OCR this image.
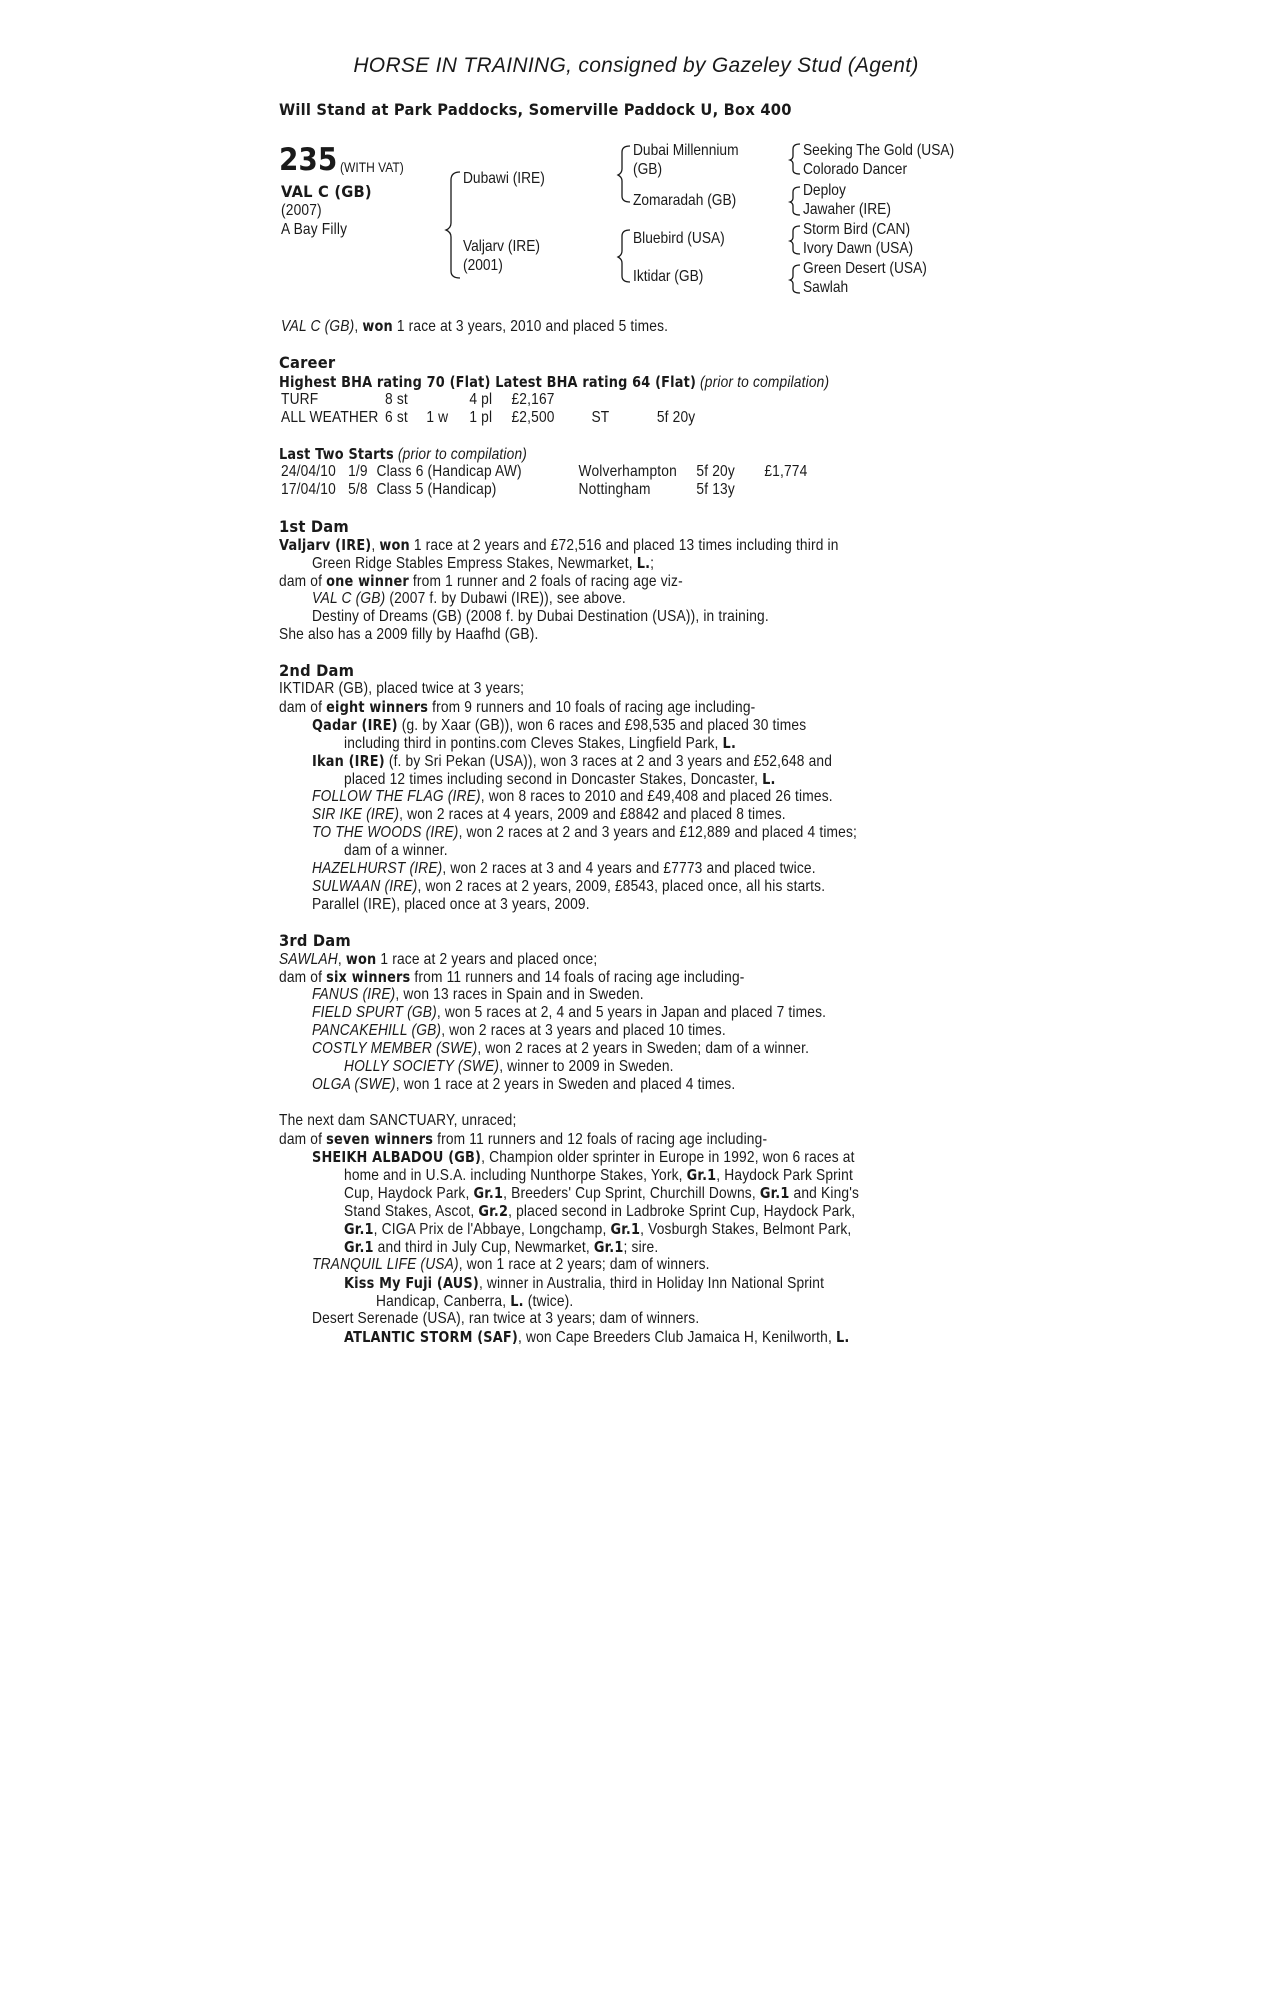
HORSE IN TRAINING, consigned by Gazeley Stud (Agent)
Will Stand at Park Paddocks, Somerville Paddock U, Box 400
235 (WITH VAT)
VAL C (GB)
(2007)
A Bay Filly
Dubawi (IRE)
Valjarv (IRE)
(2001)
Dubai Millennium
(GB)
Zomaradah (GB)
Bluebird (USA)
Iktidar (GB)
Seeking The Gold (USA)
Colorado Dancer
Deploy
Jawaher (IRE)
Storm Bird (CAN)
Ivory Dawn (USA)
Green Desert (USA)
Sawlah
VAL C (GB), won 1 race at 3 years, 2010 and placed 5 times.
Career
Highest BHA rating 70 (Flat) Latest BHA rating 64 (Flat) (prior to compilation)
TURF	8 st	4 pl £2,167
ALL WEATHER 6 st 1 w 1 pl £2,500 ST	5f 20y
Last Two Starts (prior to compilation)
24/04/10 1/9 Class 6 (Handicap AW)	Wolverhampton 5f 20y £1,774
17/04/10 5/8 Class 5 (Handicap)	Nottingham	5f 13y
1st Dam
Valjarv (IRE), won 1 race at 2 years and £72,516 and placed 13 times including third in
Green Ridge Stables Empress Stakes, Newmarket, L.;
dam of one winner from 1 runner and 2 foals of racing age viz-
VAL C (GB) (2007 f. by Dubawi (IRE)), see above.
Destiny of Dreams (GB) (2008 f. by Dubai Destination (USA)), in training.
She also has a 2009 filly by Haafhd (GB).
2nd Dam
IKTIDAR (GB), placed twice at 3 years;
dam of eight winners from 9 runners and 10 foals of racing age including-
Qadar (IRE) (g. by Xaar (GB)), won 6 races and £98,535 and placed 30 times
including third in pontins.com Cleves Stakes, Lingfield Park, L.
Ikan (IRE) (f. by Sri Pekan (USA)), won 3 races at 2 and 3 years and £52,648 and
placed 12 times including second in Doncaster Stakes, Doncaster, L.
FOLLOW THE FLAG (IRE), won 8 races to 2010 and £49,408 and placed 26 times.
SIR IKE (IRE), won 2 races at 4 years, 2009 and £8842 and placed 8 times.
TO THE WOODS (IRE), won 2 races at 2 and 3 years and £12,889 and placed 4 times;
dam of a winner.
HAZELHURST (IRE), won 2 races at 3 and 4 years and £7773 and placed twice.
SULWAAN (IRE), won 2 races at 2 years, 2009, £8543, placed once, all his starts.
Parallel (IRE), placed once at 3 years, 2009.
3rd Dam
SAWLAH, won 1 race at 2 years and placed once;
dam of six winners from 11 runners and 14 foals of racing age including-
FANUS (IRE), won 13 races in Spain and in Sweden.
FIELD SPURT (GB), won 5 races at 2, 4 and 5 years in Japan and placed 7 times.
PANCAKEHILL (GB), won 2 races at 3 years and placed 10 times.
COSTLY MEMBER (SWE), won 2 races at 2 years in Sweden; dam of a winner.
HOLLY SOCIETY (SWE), winner to 2009 in Sweden.
OLGA (SWE), won 1 race at 2 years in Sweden and placed 4 times.
The next dam SANCTUARY, unraced;
dam of seven winners from 11 runners and 12 foals of racing age including-
SHEIKH ALBADOU (GB), Champion older sprinter in Europe in 1992, won 6 races at
home and in U.S.A. including Nunthorpe Stakes, York, Gr.1, Haydock Park Sprint
Cup, Haydock Park, Gr.1, Breeders' Cup Sprint, Churchill Downs, Gr.1 and King's
Stand Stakes, Ascot, Gr.2, placed second in Ladbroke Sprint Cup, Haydock Park,
Gr.1, CIGA Prix de l'Abbaye, Longchamp, Gr.1, Vosburgh Stakes, Belmont Park,
Gr.1 and third in July Cup, Newmarket, Gr.1; sire.
TRANQUIL LIFE (USA), won 1 race at 2 years; dam of winners.
Kiss My Fuji (AUS), winner in Australia, third in Holiday Inn National Sprint
Handicap, Canberra, L. (twice).
Desert Serenade (USA), ran twice at 3 years; dam of winners.
ATLANTIC STORM (SAF), won Cape Breeders Club Jamaica H, Kenilworth, L.
